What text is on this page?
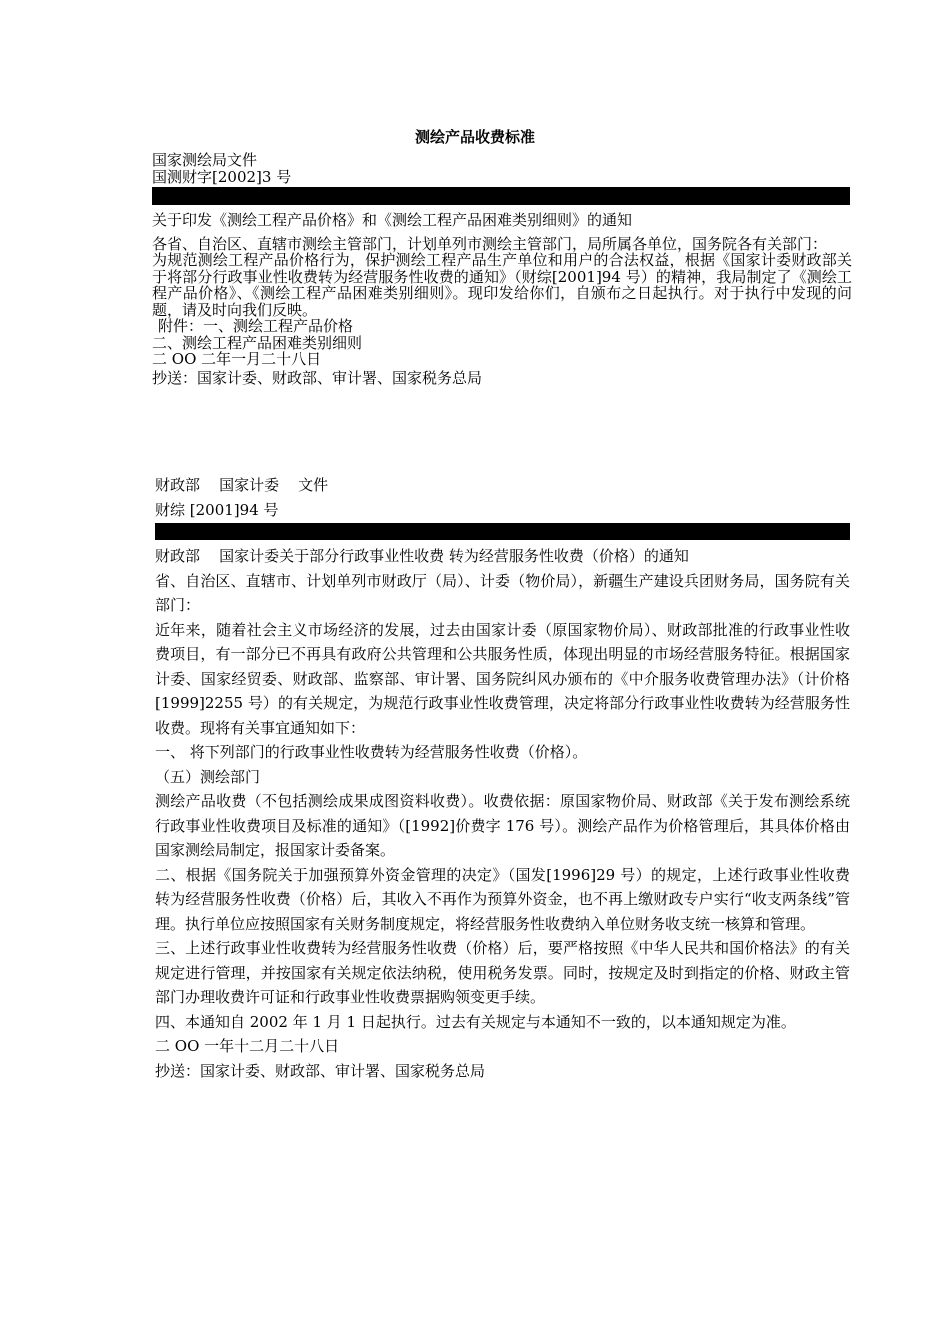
测绘产品收费标准

国家测绘局文件

国测财字[2002]3 号

关于印发《测绘工程产品价格》和《测绘工程产品困难类别细则》的通知

各省、自治区、直辖市测绘主管部门，计划单列市测绘主管部门，局所属各单位，国务院各有关部门：

为规范测绘工程产品价格行为，保护测绘工程产品生产单位和用户的合法权益，根据《国家计委财政部关于将部分行政事业性收费转为经营服务性收费的通知》（财综[2001]94 号）的精神，我局制定了《测绘工程产品价格》、《测绘工程产品困难类别细则》。现印发给你们，自颁布之日起执行。对于执行中发现的问题，请及时向我们反映。

附件：一、测绘工程产品价格

二、测绘工程产品困难类别细则

二 OO 二年一月二十八日

抄送：国家计委、财政部、审计署、国家税务总局

财政部    国家计委    文件

财综 [2001]94 号

财政部    国家计委关于部分行政事业性收费 转为经营服务性收费（价格）的通知

省、自治区、直辖市、计划单列市财政厅（局）、计委（物价局），新疆生产建设兵团财务局，国务院有关部门：

近年来，随着社会主义市场经济的发展，过去由国家计委（原国家物价局）、财政部批准的行政事业性收费项目，有一部分已不再具有政府公共管理和公共服务性质，体现出明显的市场经营服务特征。根据国家计委、国家经贸委、财政部、监察部、审计署、国务院纠风办颁布的《中介服务收费管理办法》（计价格[1999]2255 号）的有关规定，为规范行政事业性收费管理，决定将部分行政事业性收费转为经营服务性收费。现将有关事宜通知如下：

一、 将下列部门的行政事业性收费转为经营服务性收费（价格）。

（五）测绘部门

测绘产品收费（不包括测绘成果成图资料收费）。收费依据：原国家物价局、财政部《关于发布测绘系统行政事业性收费项目及标准的通知》（[1992]价费字 176 号）。测绘产品作为价格管理后，其具体价格由国家测绘局制定，报国家计委备案。

二、根据《国务院关于加强预算外资金管理的决定》（国发[1996]29 号）的规定，上述行政事业性收费转为经营服务性收费（价格）后，其收入不再作为预算外资金，也不再上缴财政专户实行“收支两条线”管理。执行单位应按照国家有关财务制度规定，将经营服务性收费纳入单位财务收支统一核算和管理。

三、上述行政事业性收费转为经营服务性收费（价格）后，要严格按照《中华人民共和国价格法》的有关规定进行管理，并按国家有关规定依法纳税，使用税务发票。同时，按规定及时到指定的价格、财政主管部门办理收费许可证和行政事业性收费票据购领变更手续。

四、本通知自 2002 年 1 月 1 日起执行。过去有关规定与本通知不一致的，以本通知规定为准。

二 OO 一年十二月二十八日

抄送：国家计委、财政部、审计署、国家税务总局
